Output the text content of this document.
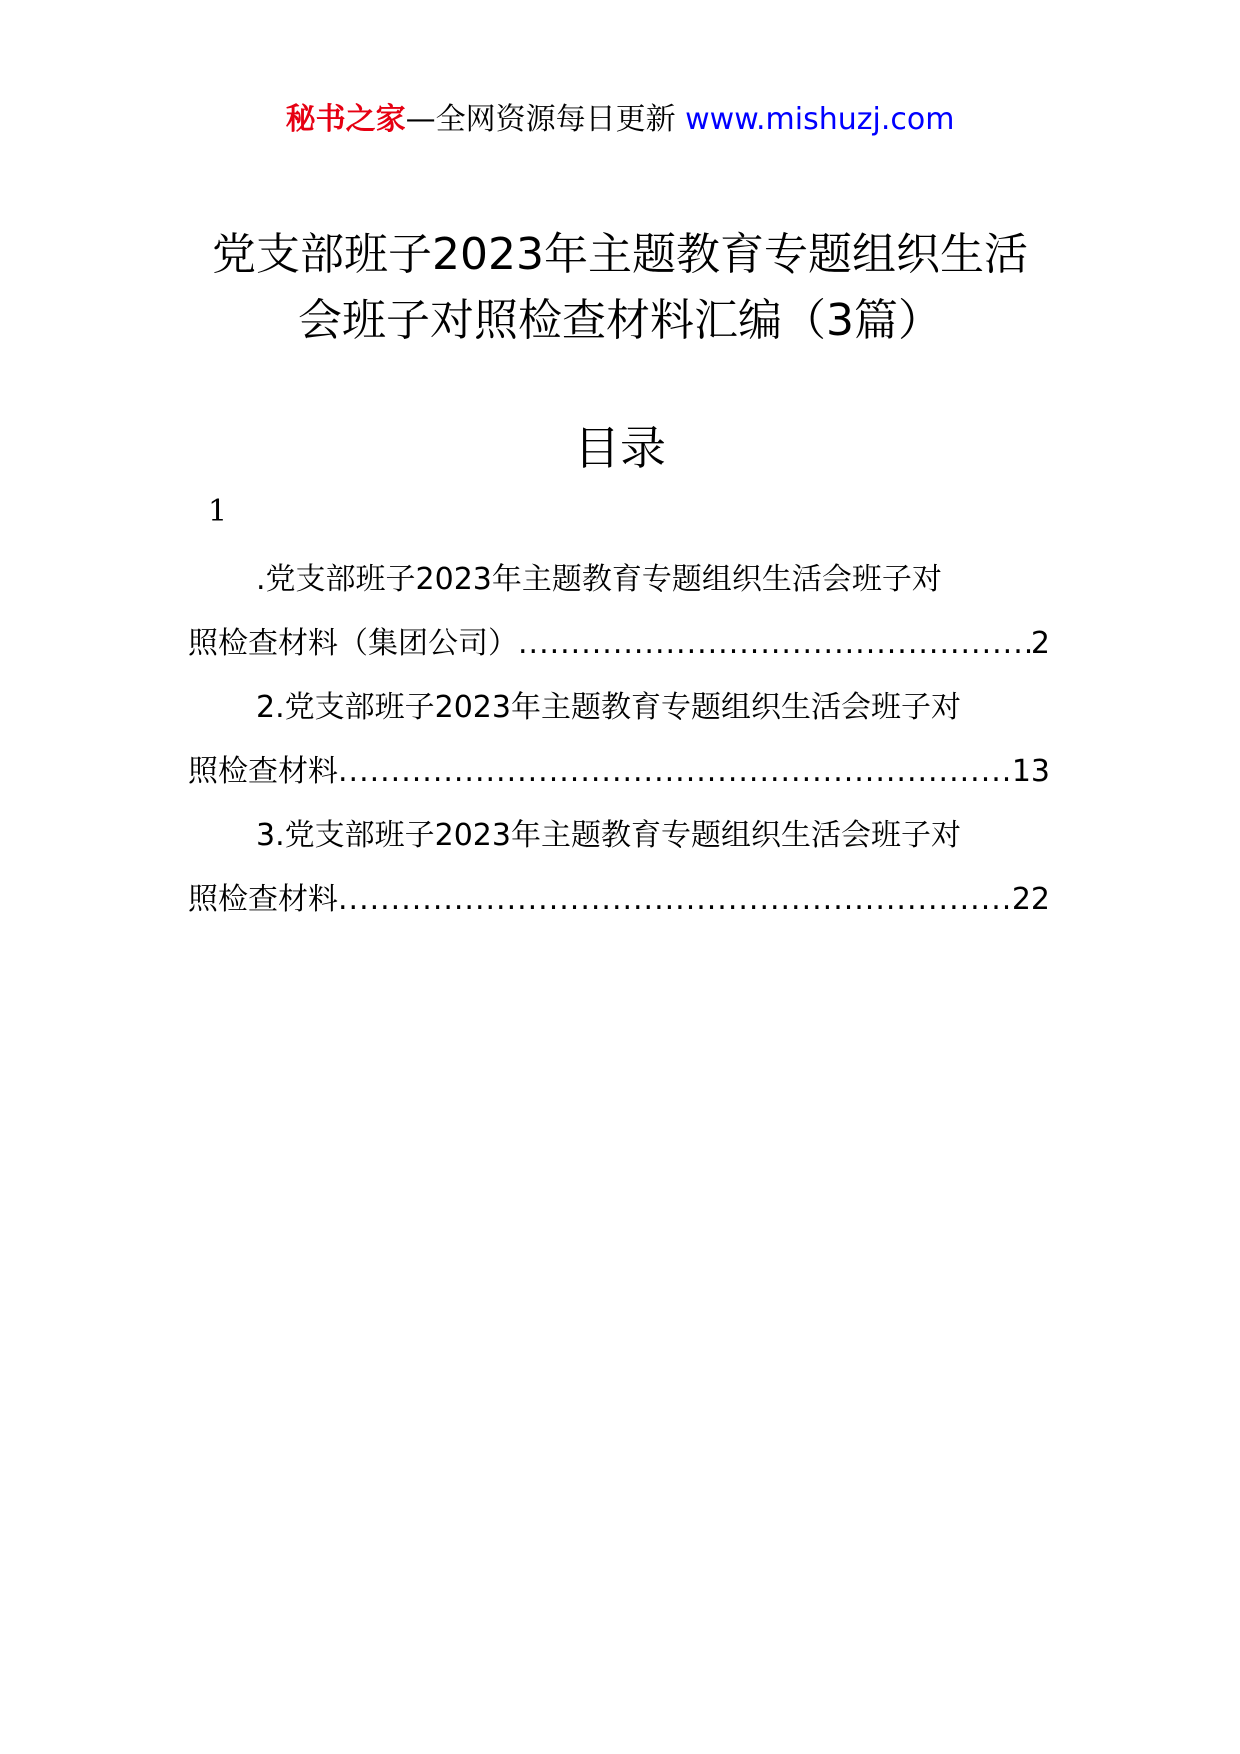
秘书之家—全网资源每日更新 www.mishuzj.com
党支部班子2023年主题教育专题组织生活
会班子对照检查材料汇编（3篇）
目录
1
.党支部班子2023年主题教育专题组织生活会班子对
照检查材料（集团公司） .....	2
2.党支部班子2023年主题教育专题组织生活会班子对
照检查材料 .....	13
3.党支部班子2023年主题教育专题组织生活会班子对
照检查材料 .....	22
